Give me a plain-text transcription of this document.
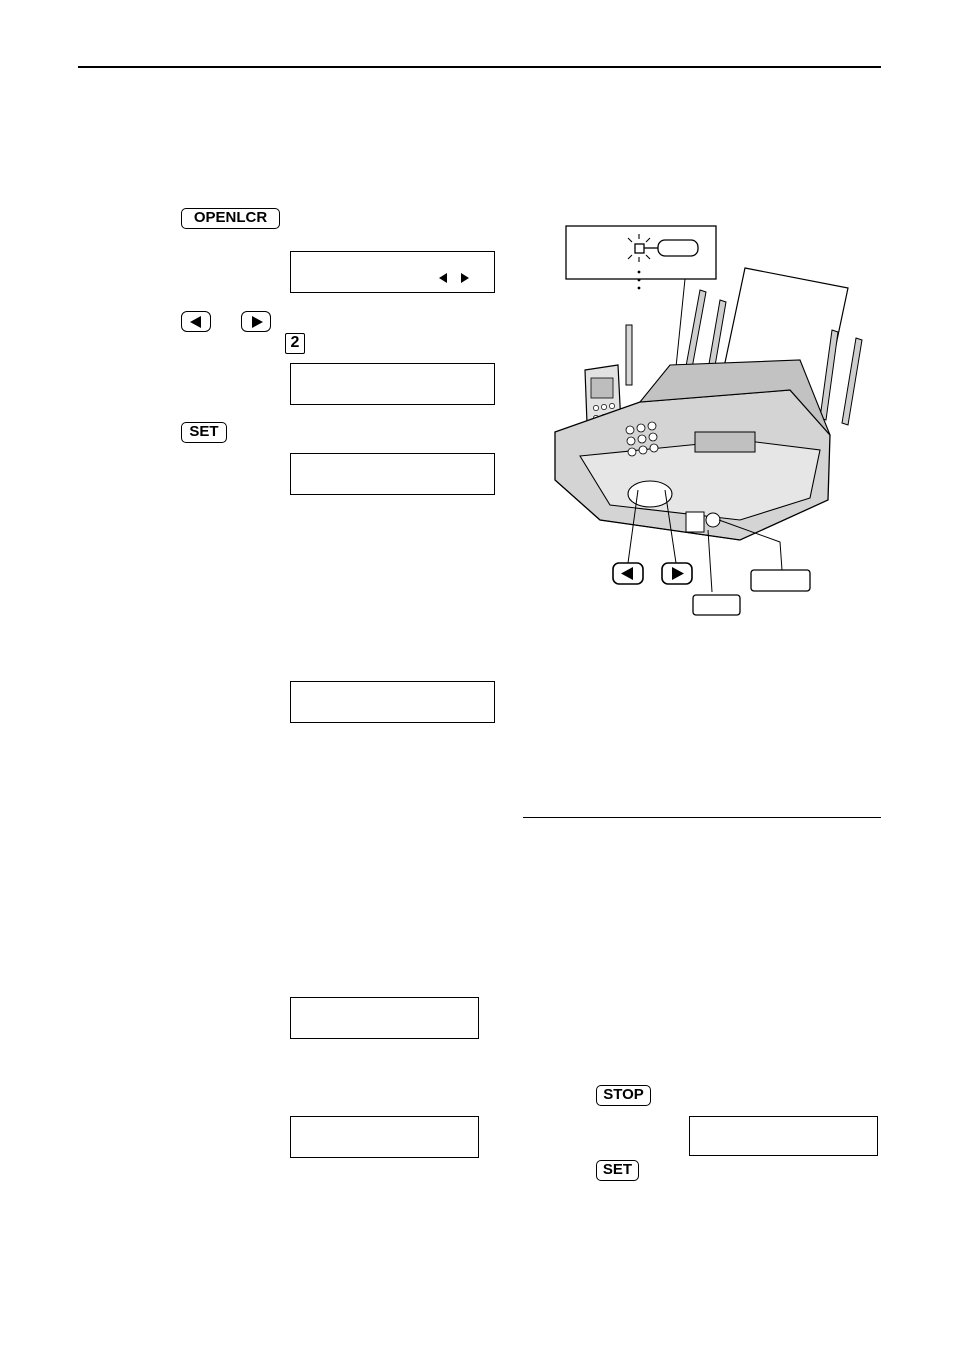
OPENLCR
2
SET
STOP
SET
